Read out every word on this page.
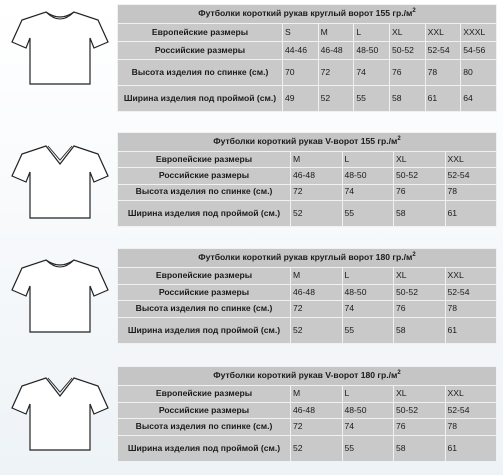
Футболки короткий рукав круглый ворот 155 $гр./м^2$
Европейские размеры	S	M	L	XL	XXL	XXXL
Российские размеры	44-46	46-48	48-50	50-52	52-54	54-56
Высота изделия по спинке (см.)	70	72	74	76	78	80
Ширина изделия под проймой (см.)	49	52	55	58	61	64
Футболки короткий рукав V-ворот 155 $гр./м^2$
Европейские размеры	M	L	XL	XXL
Российские размеры	46-48	48-50	50-52	52-54
Высота изделия по спинке (см.)	72	74	76	78
Ширина изделия под проймой (см.)	52	55	58	61
Футболки короткий рукав круглый ворот 180 $гр./м^2$
Европейские размеры	M	L	XL	XXL
Российские размеры	46-48	48-50	50-52	52-54
Высота изделия по спинке (см.)	72	74	76	78
Ширина изделия под проймой (см.)	52	55	58	61
Футболки короткий рукав V-ворот 180 $гр./м^2$
Европейские размеры	M	L	XL	XXL
Российские размеры	46-48	48-50	50-52	52-54
Высота изделия по спинке (см.)	72	74	76	78
Ширина изделия под проймой (см.)	52	55	58	61
